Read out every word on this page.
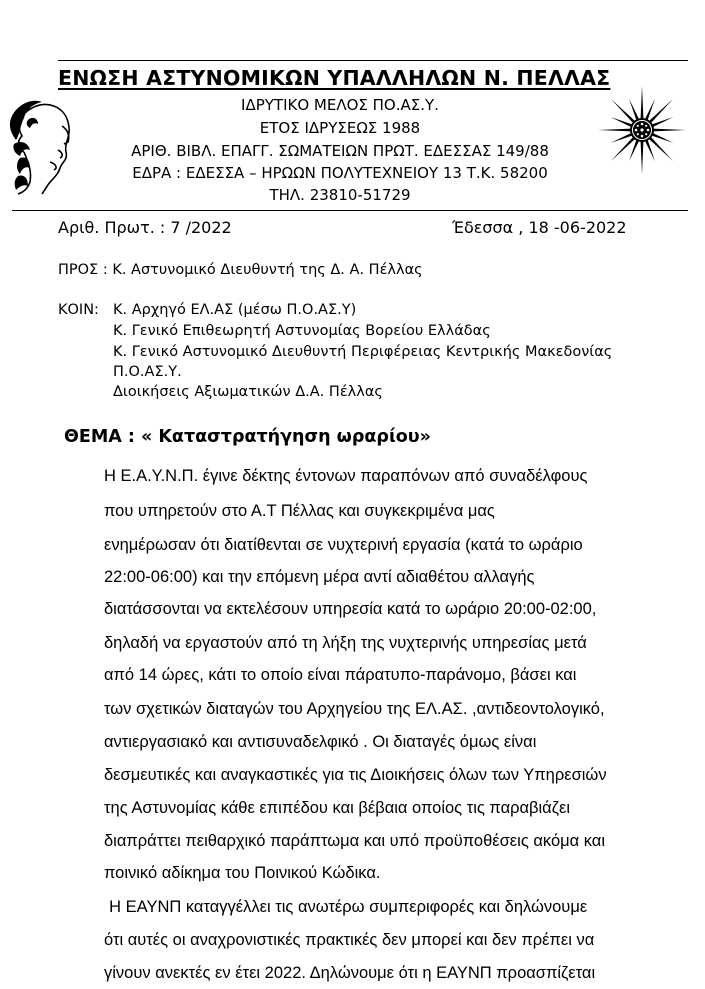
ΕΝΩΣΗ ΑΣΤΥΝΟΜΙΚΩΝ ΥΠΑΛΛΗΛΩΝ Ν. ΠΕΛΛΑΣ
ΙΔΡΥΤΙΚΟ ΜΕΛΟΣ ΠΟ.ΑΣ.Υ.
ΕΤΟΣ ΙΔΡΥΣΕΩΣ 1988
ΑΡΙΘ. ΒΙΒΛ. ΕΠΑΓΓ. ΣΩΜΑΤΕΙΩΝ ΠΡΩΤ. ΕΔΕΣΣΑΣ 149/88
ΕΔΡΑ : ΕΔΕΣΣΑ – ΗΡΩΩΝ ΠΟΛΥΤΕΧΝΕΙΟΥ 13 Τ.Κ. 58200
ΤΗΛ. 23810-51729
Αριθ. Πρωτ. : 7 /2022	Έδεσσα , 18 -06-2022
ΠΡΟΣ : Κ. Αστυνομικό Διευθυντή της Δ. Α. Πέλλας
ΚΟΙΝ: Κ. Αρχηγό ΕΛ.ΑΣ (μέσω Π.Ο.ΑΣ.Υ)
Κ. Γενικό Επιθεωρητή Αστυνομίας Βορείου Ελλάδας
Κ. Γενικό Αστυνομικό Διευθυντή Περιφέρειας Κεντρικής Μακεδονίας
Π.Ο.ΑΣ.Υ.
Διοικήσεις Αξιωματικών Δ.Α. Πέλλας
ΘΕΜΑ : « Καταστρατήγηση ωραρίου»
Η Ε.Α.Υ.Ν.Π. έγινε δέκτης έντονων παραπόνων από συναδέλφους
που υπηρετούν στο Α.Τ Πέλλας και συγκεκριμένα μας
ενημέρωσαν ότι διατίθενται σε νυχτερινή εργασία (κατά το ωράριο
22:00-06:00) και την επόμενη μέρα αντί αδιαθέτου αλλαγής
διατάσσονται να εκτελέσουν υπηρεσία κατά το ωράριο 20:00-02:00,
δηλαδή να εργαστούν από τη λήξη της νυχτερινής υπηρεσίας μετά
από 14 ώρες, κάτι το οποίο είναι πάρατυπο-παράνομο, βάσει και
των σχετικών διαταγών του Αρχηγείου της ΕΛ.ΑΣ. ,αντιδεοντολογικό,
αντιεργασιακό και αντισυναδελφικό . Οι διαταγές όμως είναι
δεσμευτικές και αναγκαστικές για τις Διοικήσεις όλων των Υπηρεσιών
της Αστυνομίας κάθε επιπέδου και βέβαια οποίος τις παραβιάζει
διαπράττει πειθαρχικό παράπτωμα και υπό προϋποθέσεις ακόμα και
ποινικό αδίκημα του Ποινικού Κώδικα.
Η ΕΑΥΝΠ καταγγέλλει τις ανωτέρω συμπεριφορές και δηλώνουμε
ότι αυτές οι αναχρονιστικές πρακτικές δεν μπορεί και δεν πρέπει να
γίνουν ανεκτές εν έτει 2022. Δηλώνουμε ότι η ΕΑΥΝΠ προασπίζεται
